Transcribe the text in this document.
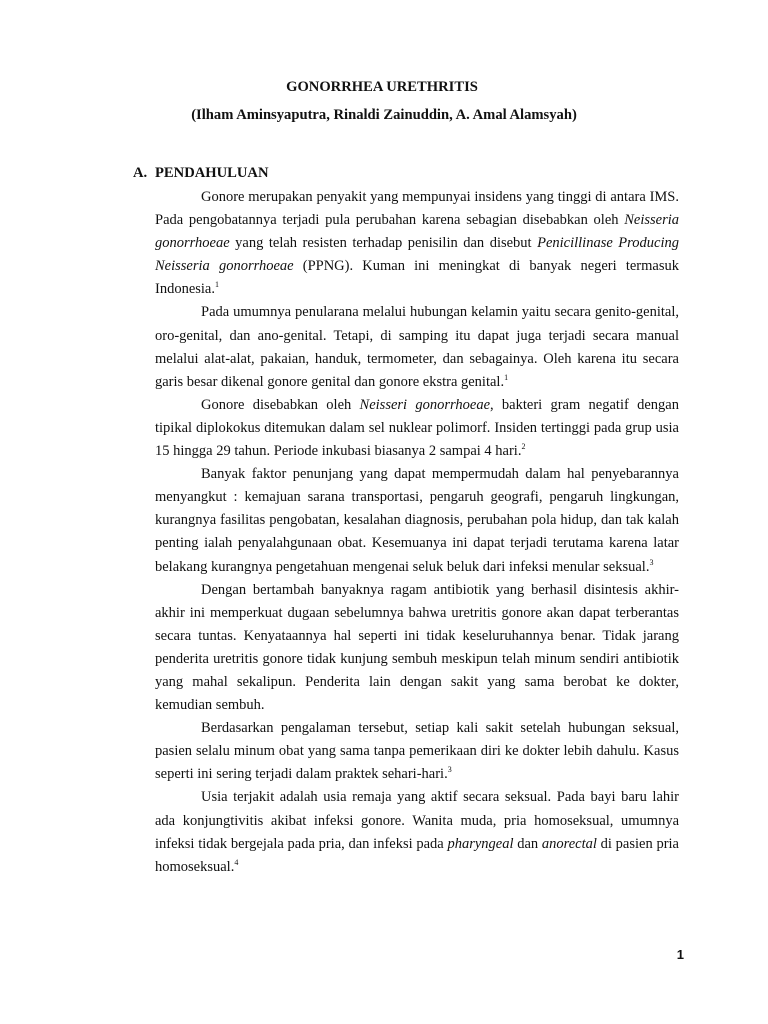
GONORRHEA URETHRITIS

(Ilham Aminsyaputra, Rinaldi Zainuddin, A. Amal Alamsyah)

A. PENDAHULUAN

Gonore merupakan penyakit yang mempunyai insidens yang tinggi di antara IMS. Pada pengobatannya terjadi pula perubahan karena sebagian disebabkan oleh Neisseria gonorrhoeae yang telah resisten terhadap penisilin dan disebut Penicillinase Producing Neisseria gonorrhoeae (PPNG). Kuman ini meningkat di banyak negeri termasuk Indonesia.$^1$

Pada umumnya penularana melalui hubungan kelamin yaitu secara genito-genital, oro-genital, dan ano-genital. Tetapi, di samping itu dapat juga terjadi secara manual melalui alat-alat, pakaian, handuk, termometer, dan sebagainya. Oleh karena itu secara garis besar dikenal gonore genital dan gonore ekstra genital.$^1$

Gonore disebabkan oleh Neisseri gonorrhoeae, bakteri gram negatif dengan tipikal diplokokus ditemukan dalam sel nuklear polimorf. Insiden tertinggi pada grup usia 15 hingga 29 tahun. Periode inkubasi biasanya 2 sampai 4 hari.$^2$

Banyak faktor penunjang yang dapat mempermudah dalam hal penyebarannya menyangkut : kemajuan sarana transportasi, pengaruh geografi, pengaruh lingkungan, kurangnya fasilitas pengobatan, kesalahan diagnosis, perubahan pola hidup, dan tak kalah penting ialah penyalahgunaan obat. Kesemuanya ini dapat terjadi terutama karena latar belakang kurangnya pengetahuan mengenai seluk beluk dari infeksi menular seksual.$^3$

Dengan bertambah banyaknya ragam antibiotik yang berhasil disintesis akhir-akhir ini memperkuat dugaan sebelumnya bahwa uretritis gonore akan dapat terberantas secara tuntas. Kenyataannya hal seperti ini tidak keseluruhannya benar. Tidak jarang penderita uretritis gonore tidak kunjung sembuh meskipun telah minum sendiri antibiotik yang mahal sekalipun. Penderita lain dengan sakit yang sama berobat ke dokter, kemudian sembuh.

Berdasarkan pengalaman tersebut, setiap kali sakit setelah hubungan seksual, pasien selalu minum obat yang sama tanpa pemerikaan diri ke dokter lebih dahulu. Kasus seperti ini sering terjadi dalam praktek sehari-hari.$^3$

Usia terjakit adalah usia remaja yang aktif secara seksual. Pada bayi baru lahir ada konjungtivitis akibat infeksi gonore. Wanita muda, pria homoseksual, umumnya infeksi tidak bergejala pada pria, dan infeksi pada pharyngeal dan anorectal di pasien pria homoseksual.$^4$

1
